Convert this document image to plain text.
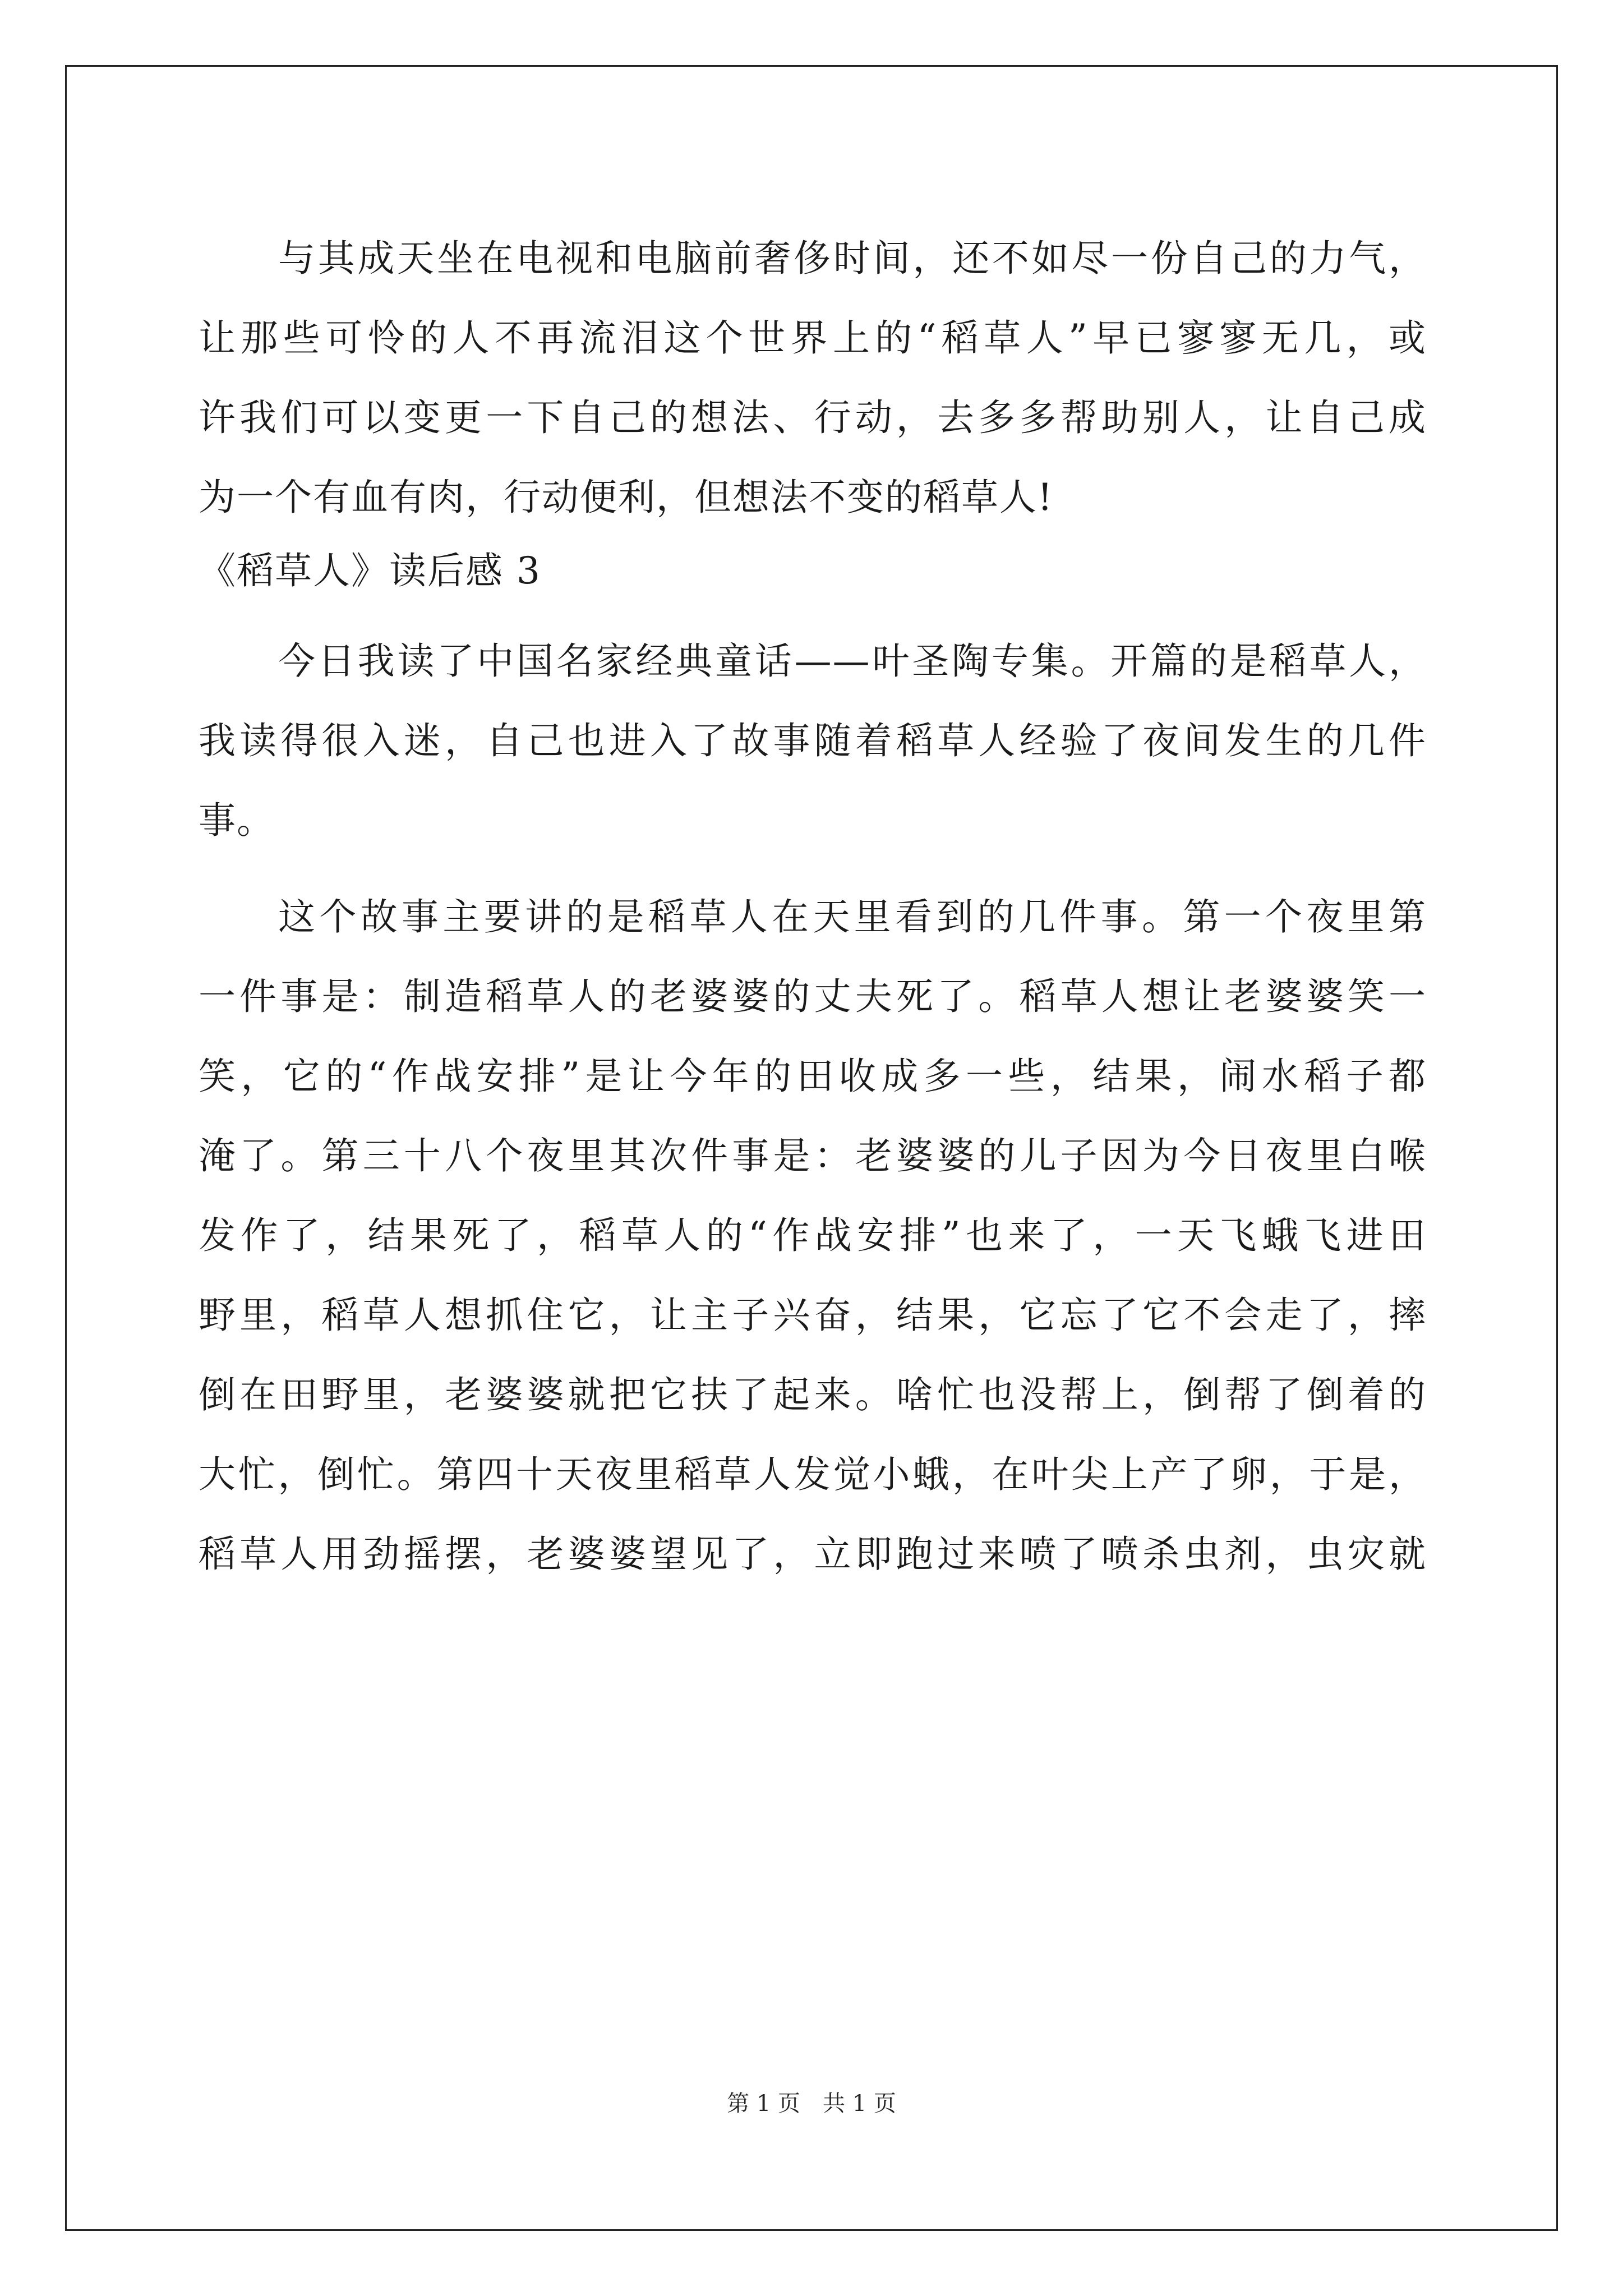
与其成天坐在电视和电脑前奢侈时间，还不如尽一份自己的力气，
让那些可怜的人不再流泪这个世界上的“稻草人”早已寥寥无几，或
许我们可以变更一下自己的想法、行动，去多多帮助别人，让自己成
为一个有血有肉，行动便利，但想法不变的稻草人!
《稻草人》读后感 3
今日我读了中国名家经典童话——叶圣陶专集。开篇的是稻草人，
我读得很入迷，自己也进入了故事随着稻草人经验了夜间发生的几件
事。
这个故事主要讲的是稻草人在天里看到的几件事。第一个夜里第
一件事是：制造稻草人的老婆婆的丈夫死了。稻草人想让老婆婆笑一
笑，它的“作战安排”是让今年的田收成多一些，结果，闹水稻子都
淹了。第三十八个夜里其次件事是：老婆婆的儿子因为今日夜里白喉
发作了，结果死了，稻草人的“作战安排”也来了，一天飞蛾飞进田
野里，稻草人想抓住它，让主子兴奋，结果，它忘了它不会走了，摔
倒在田野里，老婆婆就把它扶了起来。啥忙也没帮上，倒帮了倒着的
大忙，倒忙。第四十天夜里稻草人发觉小蛾，在叶尖上产了卵，于是，
稻草人用劲摇摆，老婆婆望见了，立即跑过来喷了喷杀虫剂，虫灾就
第 1 页　共 1 页
